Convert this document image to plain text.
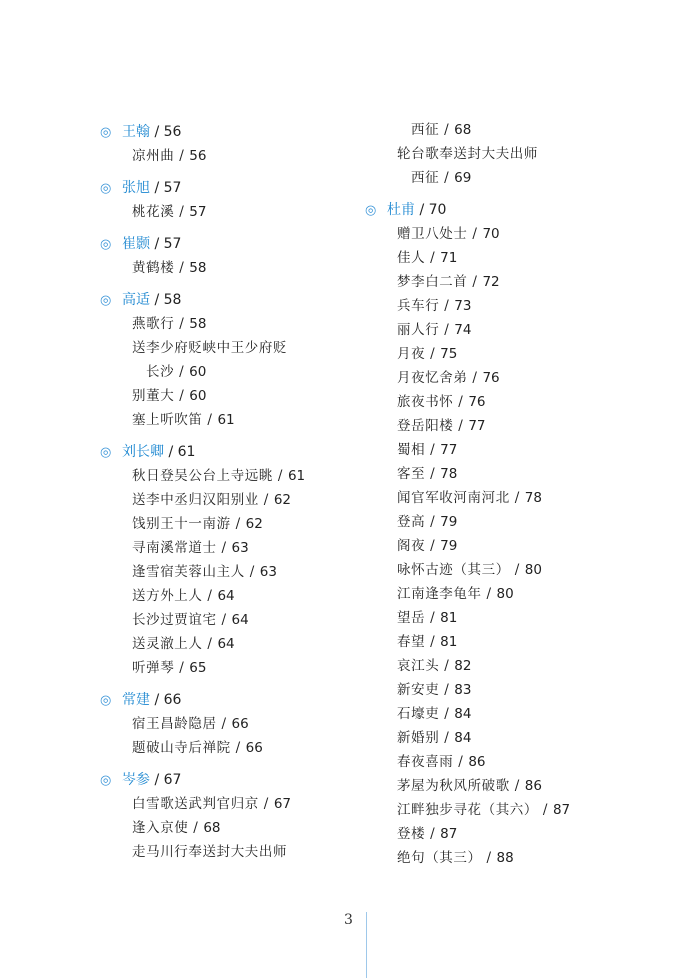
◎ 王翰 / 56
凉州曲 / 56
◎ 张旭 / 57
桃花溪 / 57
◎ 崔颢 / 57
黄鹤楼 / 58
◎ 高适 / 58
燕歌行 / 58
送李少府贬峡中王少府贬
长沙 / 60
别董大 / 60
塞上听吹笛 / 61
◎ 刘长卿 / 61
秋日登吴公台上寺远眺 / 61
送李中丞归汉阳别业 / 62
饯别王十一南游 / 62
寻南溪常道士 / 63
逢雪宿芙蓉山主人 / 63
送方外上人 / 64
长沙过贾谊宅 / 64
送灵澈上人 / 64
听弹琴 / 65
◎ 常建 / 66
宿王昌龄隐居 / 66
题破山寺后禅院 / 66
◎ 岑参 / 67
白雪歌送武判官归京 / 67
逢入京使 / 68
走马川行奉送封大夫出师
西征 / 68
轮台歌奉送封大夫出师
西征 / 69
◎ 杜甫 / 70
赠卫八处士 / 70
佳人 / 71
梦李白二首 / 72
兵车行 / 73
丽人行 / 74
月夜 / 75
月夜忆舍弟 / 76
旅夜书怀 / 76
登岳阳楼 / 77
蜀相 / 77
客至 / 78
闻官军收河南河北 / 78
登高 / 79
阁夜 / 79
咏怀古迹（其三） / 80
江南逢李龟年 / 80
望岳 / 81
春望 / 81
哀江头 / 82
新安吏 / 83
石壕吏 / 84
新婚别 / 84
春夜喜雨 / 86
茅屋为秋风所破歌 / 86
江畔独步寻花（其六） / 87
登楼 / 87
绝句（其三） / 88
3
